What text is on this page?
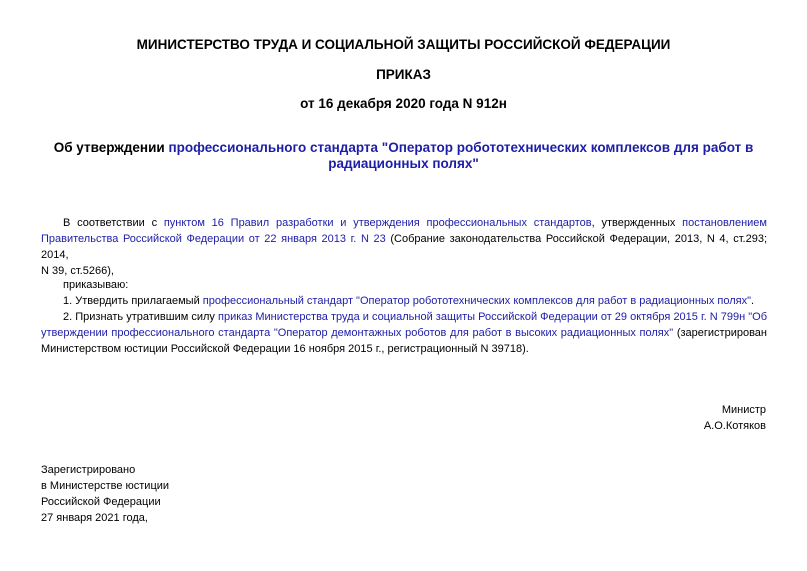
МИНИСТЕРСТВО ТРУДА И СОЦИАЛЬНОЙ ЗАЩИТЫ РОССИЙСКОЙ ФЕДЕРАЦИИ
ПРИКАЗ
от 16 декабря 2020 года N 912н
Об утверждении профессионального стандарта "Оператор робототехнических комплексов для работ в
радиационных полях"

В соответствии с пунктом 16 Правил разработки и утверждения профессиональных стандартов, утвержденных постановлением

Правительства Российской Федерации от 22 января 2013 г. N 23 (Собрание законодательства Российской Федерации, 2013, N 4, ст.293; 2014,

N 39, ст.5266),

приказываю:

1. Утвердить прилагаемый профессиональный стандарт "Оператор робототехнических комплексов для работ в радиационных полях".

2. Признать утратившим силу приказ Министерства труда и социальной защиты Российской Федерации от 29 октября 2015 г. N 799н "Об

утверждении профессионального стандарта "Оператор демонтажных роботов для работ в высоких радиационных полях" (зарегистрирован

Министерством юстиции Российской Федерации 16 ноября 2015 г., регистрационный N 39718).

Министр
А.О.Котяков
Зарегистрировано
в Министерстве юстиции
Российской Федерации
27 января 2021 года,
